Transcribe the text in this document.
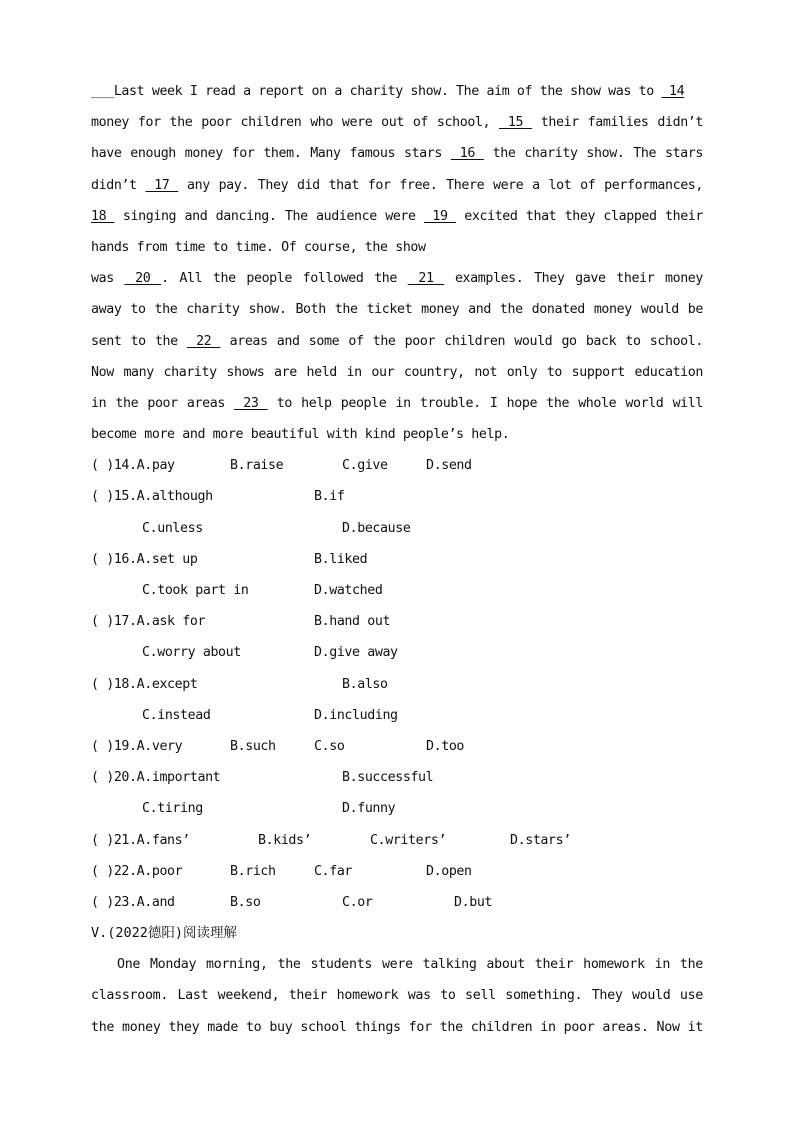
___Last week I read a report on a charity show. The aim of the show was to  14
money for the poor children who were out of school,  15  their families didn’t
have enough money for them. Many famous stars  16  the charity show. The stars
didn’t  17  any pay. They did that for free. There were a lot of performances,
18  singing and dancing. The audience were  19  excited that they clapped their
hands from time to time. Of course, the show
was  20 . All the people followed the  21  examples. They gave their money
away to the charity show. Both the ticket money and the donated money would be
sent to the  22  areas and some of the poor children would go back to school.
Now many charity shows are held in our country, not only to support education
in the poor areas  23  to help people in trouble. I hope the whole world will
become more and more beautiful with kind people’s help.
( )14.A.pay	B.raise	C.give	D.send
( )15.A.although	B.if
C.unless	D.because
( )16.A.set up	B.liked
C.took part in	D.watched
( )17.A.ask for	B.hand out
C.worry about	D.give away
( )18.A.except	B.also
C.instead	D.including
( )19.A.very	B.such	C.so	D.too
( )20.A.important	B.successful
C.tiring	D.funny
( )21.A.fans’	B.kids’	C.writers’	D.stars’
( )22.A.poor	B.rich	C.far	D.open
( )23.A.and	B.so	C.or	D.but
V.(2022德阳)阅读理解
One Monday morning, the students were talking about their homework in the
classroom. Last weekend, their homework was to sell something. They would use
the money they made to buy school things for the children in poor areas. Now it
